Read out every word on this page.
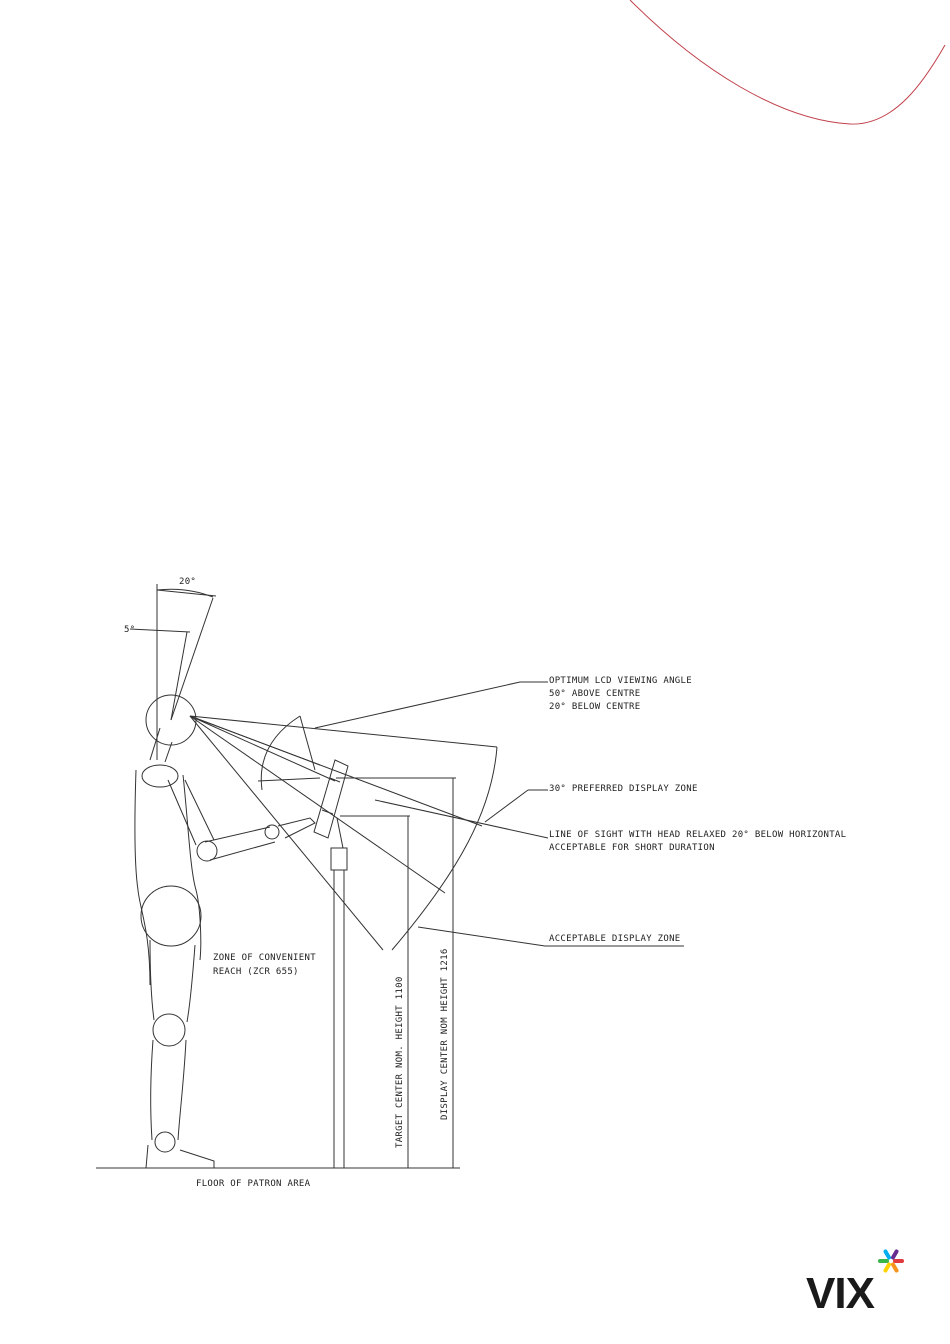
20°
5°
OPTIMUM LCD VIEWING ANGLE
50° ABOVE CENTRE
20° BELOW CENTRE
30° PREFERRED DISPLAY ZONE
LINE OF SIGHT WITH HEAD RELAXED 20° BELOW HORIZONTAL
ACCEPTABLE FOR SHORT DURATION
ACCEPTABLE DISPLAY ZONE
ZONE OF CONVENIENT
REACH (ZCR 655)
TARGET CENTER NOM. HEIGHT 1100	DISPLAY CENTER NOM HEIGHT 1216
FLOOR OF PATRON AREA
VIX
